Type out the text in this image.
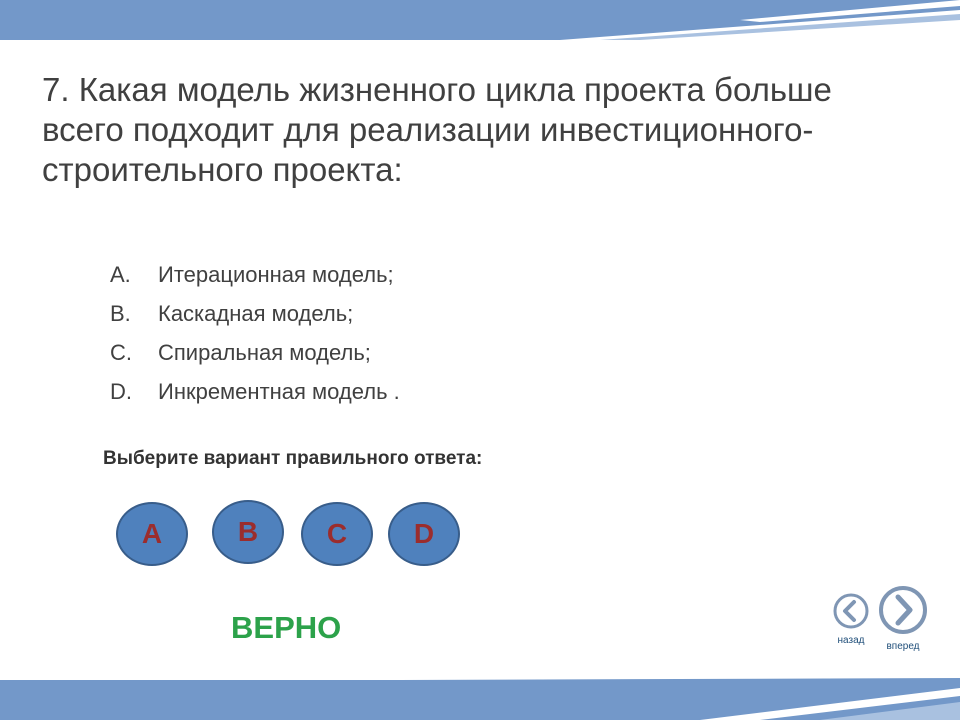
7. Какая модель жизненного цикла проекта больше всего подходит для реализации инвестиционного-строительного проекта:
A.	Итерационная модель;
B.	Каскадная модель;
C.	Спиральная модель;
D.	Инкрементная модель .
Выберите вариант правильного ответа:
A	B	C	D
ВЕРНО	назад
вперед
